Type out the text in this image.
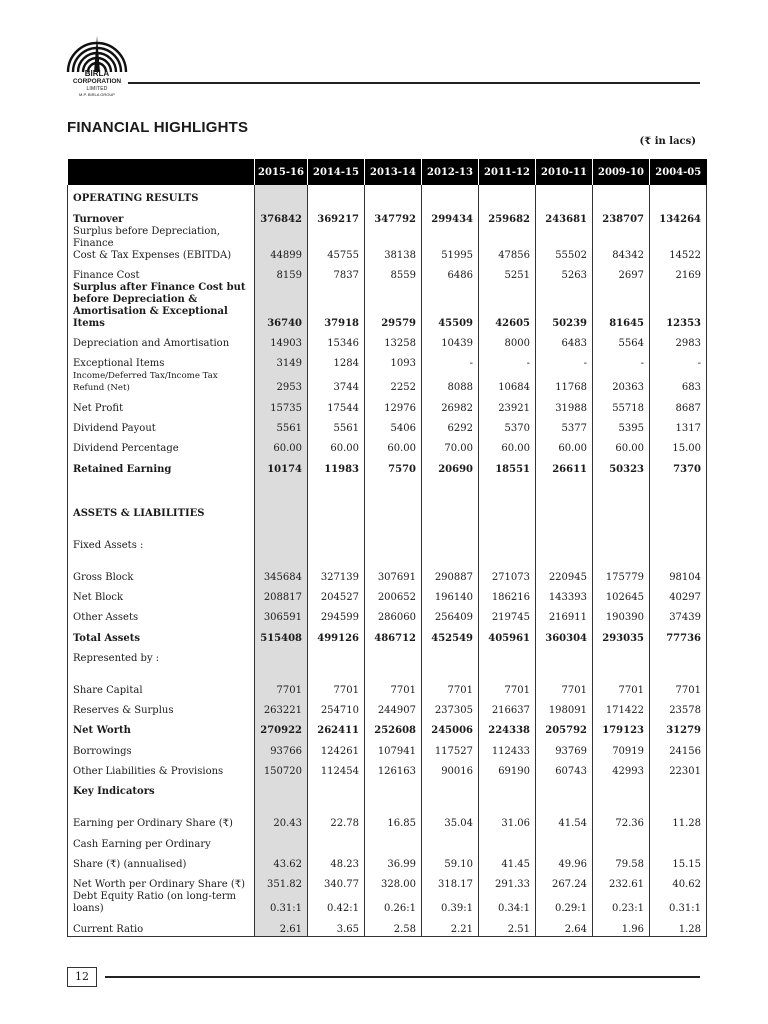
BIRLA
CORPORATION
LIMITED
M.P. BIRLA GROUP
FINANCIAL HIGHLIGHTS
(₹ in lacs)
	2015-16	2014-15	2013-14	2012-13	2011-12	2010-11	2009-10	2004-05
OPERATING RESULTS								
Turnover	376842	369217	347792	299434	259682	243681	238707	134264
Surplus before Depreciation, Finance
Cost & Tax Expenses (EBITDA)	44899	45755	38138	51995	47856	55502	84342	14522
Finance Cost	8159	7837	8559	6486	5251	5263	2697	2169
Surplus after Finance Cost but
before Depreciation &
Amortisation & Exceptional Items	36740	37918	29579	45509	42605	50239	81645	12353
Depreciation and Amortisation	14903	15346	13258	10439	8000	6483	5564	2983
Exceptional Items	3149	1284	1093	-	-	-	-	-
Income/Deferred Tax/Income Tax Refund (Net)	2953	3744	2252	8088	10684	11768	20363	683
Net Profit	15735	17544	12976	26982	23921	31988	55718	8687
Dividend Payout	5561	5561	5406	6292	5370	5377	5395	1317
Dividend Percentage	60.00	60.00	60.00	70.00	60.00	60.00	60.00	15.00
Retained Earning	10174	11983	7570	20690	18551	26611	50323	7370
ASSETS & LIABILITIES								
Fixed Assets :								
Gross Block	345684	327139	307691	290887	271073	220945	175779	98104
Net Block	208817	204527	200652	196140	186216	143393	102645	40297
Other Assets	306591	294599	286060	256409	219745	216911	190390	37439
Total Assets	515408	499126	486712	452549	405961	360304	293035	77736
Represented by :								
Share Capital	7701	7701	7701	7701	7701	7701	7701	7701
Reserves & Surplus	263221	254710	244907	237305	216637	198091	171422	23578
Net Worth	270922	262411	252608	245006	224338	205792	179123	31279
Borrowings	93766	124261	107941	117527	112433	93769	70919	24156
Other Liabilities & Provisions	150720	112454	126163	90016	69190	60743	42993	22301
Key Indicators								
Earning per Ordinary Share (₹)	20.43	22.78	16.85	35.04	31.06	41.54	72.36	11.28
Cash Earning per Ordinary								
Share (₹) (annualised)	43.62	48.23	36.99	59.10	41.45	49.96	79.58	15.15
Net Worth per Ordinary Share (₹)	351.82	340.77	328.00	318.17	291.33	267.24	232.61	40.62
Debt Equity Ratio (on long-term loans)	0.31:1	0.42:1	0.26:1	0.39:1	0.34:1	0.29:1	0.23:1	0.31:1
Current Ratio	2.61	3.65	2.58	2.21	2.51	2.64	1.96	1.28
12
